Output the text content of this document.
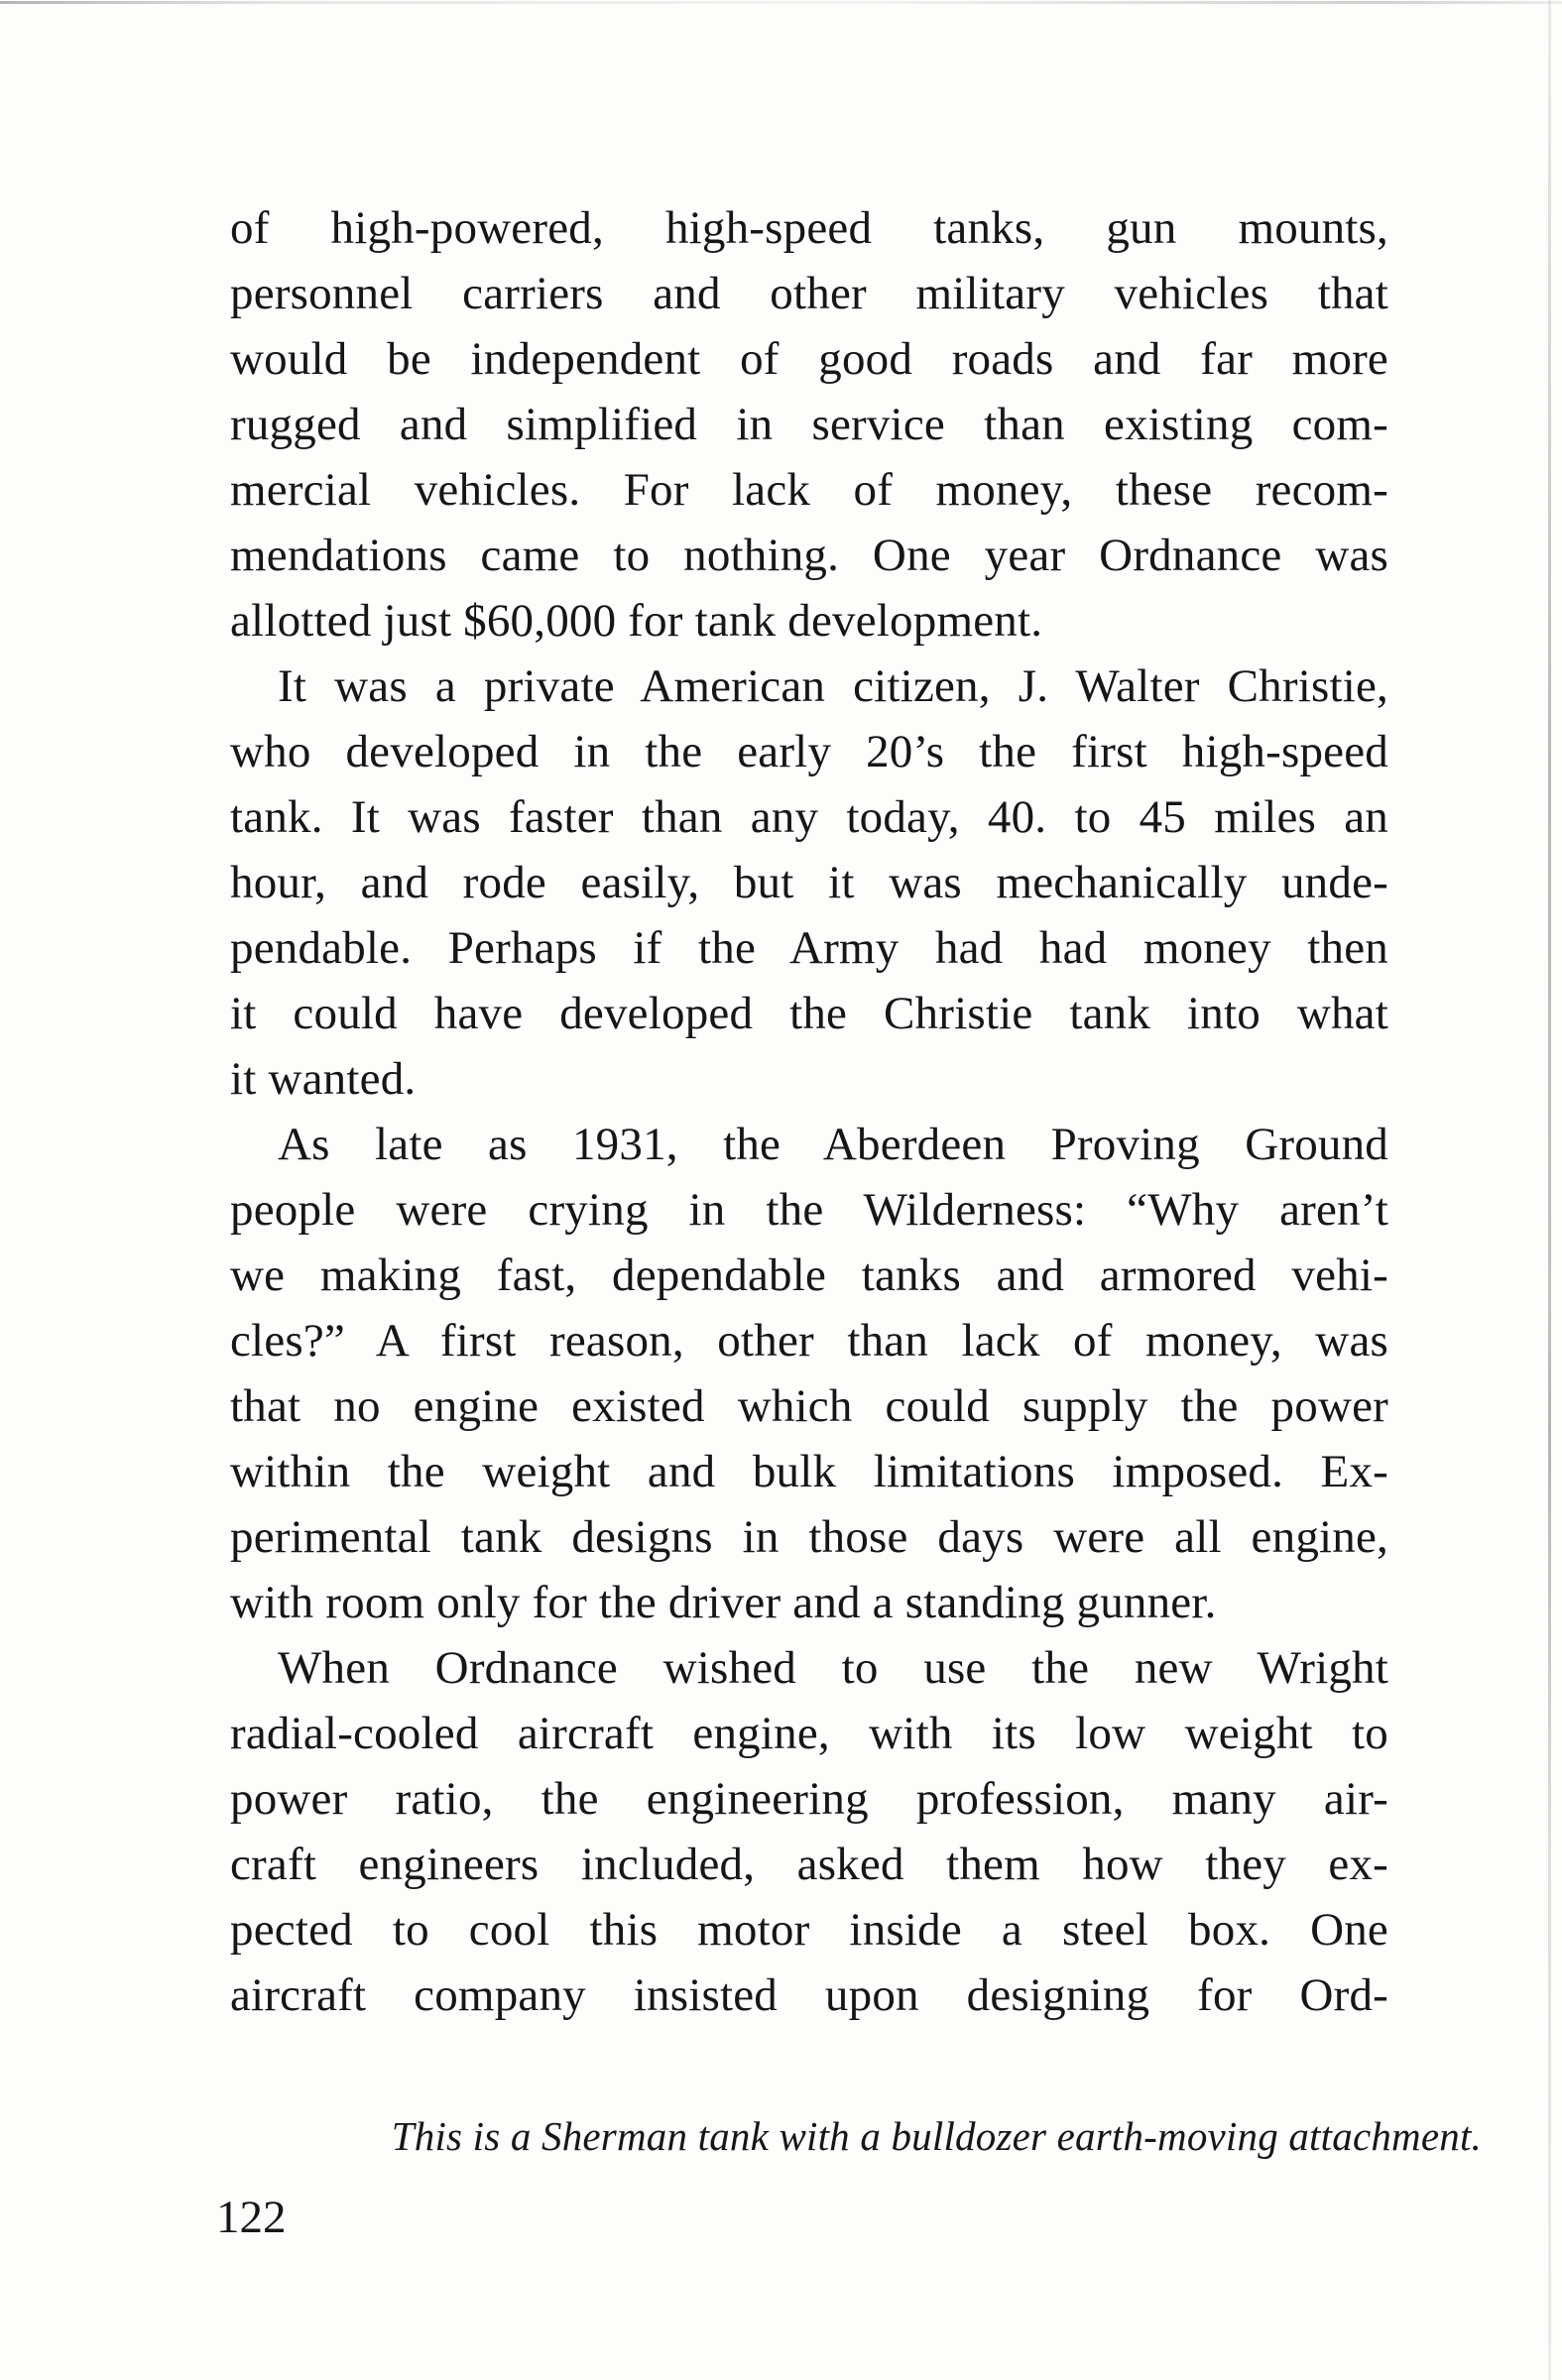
of high-powered, high-speed tanks, gun mounts,
personnel carriers and other military vehicles that
would be independent of good roads and far more
rugged and simplified in service than existing com-
mercial vehicles. For lack of money, these recom-
mendations came to nothing. One year Ordnance was
allotted just $60,000 for tank development.
It was a private American citizen, J. Walter Christie,
who developed in the early 20’s the first high-speed
tank. It was faster than any today, 40. to 45 miles an
hour, and rode easily, but it was mechanically unde-
pendable. Perhaps if the Army had had money then
it could have developed the Christie tank into what
it wanted.
As late as 1931, the Aberdeen Proving Ground
people were crying in the Wilderness: “Why aren’t
we making fast, dependable tanks and armored vehi-
cles?” A first reason, other than lack of money, was
that no engine existed which could supply the power
within the weight and bulk limitations imposed. Ex-
perimental tank designs in those days were all engine,
with room only for the driver and a standing gunner.
When Ordnance wished to use the new Wright
radial-cooled aircraft engine, with its low weight to
power ratio, the engineering profession, many air-
craft engineers included, asked them how they ex-
pected to cool this motor inside a steel box. One
aircraft company insisted upon designing for Ord-
This is a Sherman tank with a bulldozer earth-moving attachment.
122
